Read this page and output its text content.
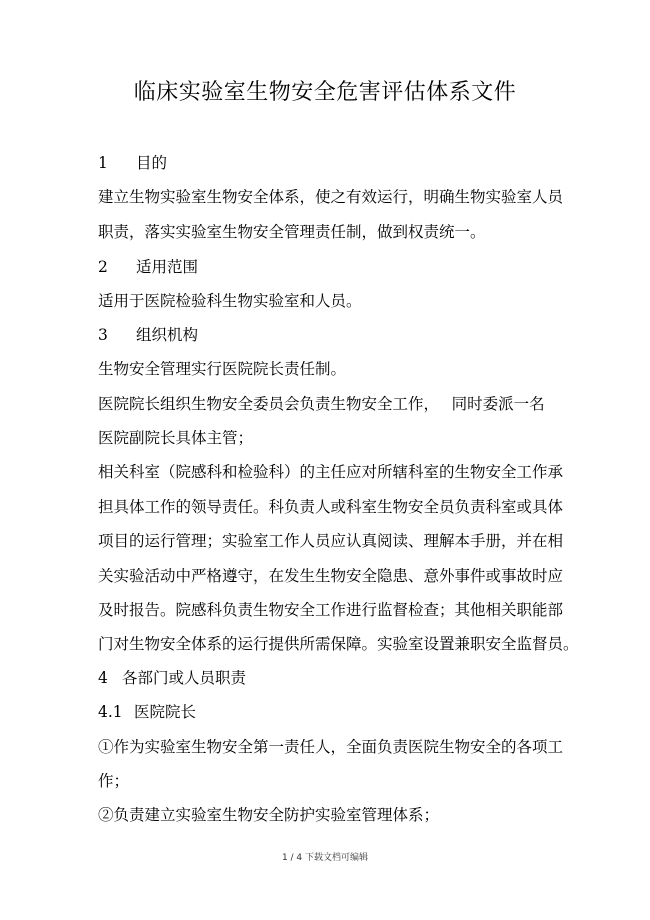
临床实验室生物安全危害评估体系文件
1 目的
建立生物实验室生物安全体系，使之有效运行，明确生物实验室人员
职责，落实实验室生物安全管理责任制，做到权责统一。
2 适用范围
适用于医院检验科生物实验室和人员。
3 组织机构
生物安全管理实行医院院长责任制。
医院院长组织生物安全委员会负责生物安全工作，　 同时委派一名
医院副院长具体主管；
相关科室（院感科和检验科）的主任应对所辖科室的生物安全工作承
担具体工作的领导责任。科负责人或科室生物安全员负责科室或具体
项目的运行管理；实验室工作人员应认真阅读、理解本手册，并在相
关实验活动中严格遵守，在发生生物安全隐患、意外事件或事故时应
及时报告。院感科负责生物安全工作进行监督检查；其他相关职能部
门对生物安全体系的运行提供所需保障。实验室设置兼职安全监督员。
4 各部门或人员职责
4.1 医院院长
①作为实验室生物安全第一责任人，全面负责医院生物安全的各项工
作；
②负责建立实验室生物安全防护实验室管理体系；
1 / 4 下载文档可编辑
